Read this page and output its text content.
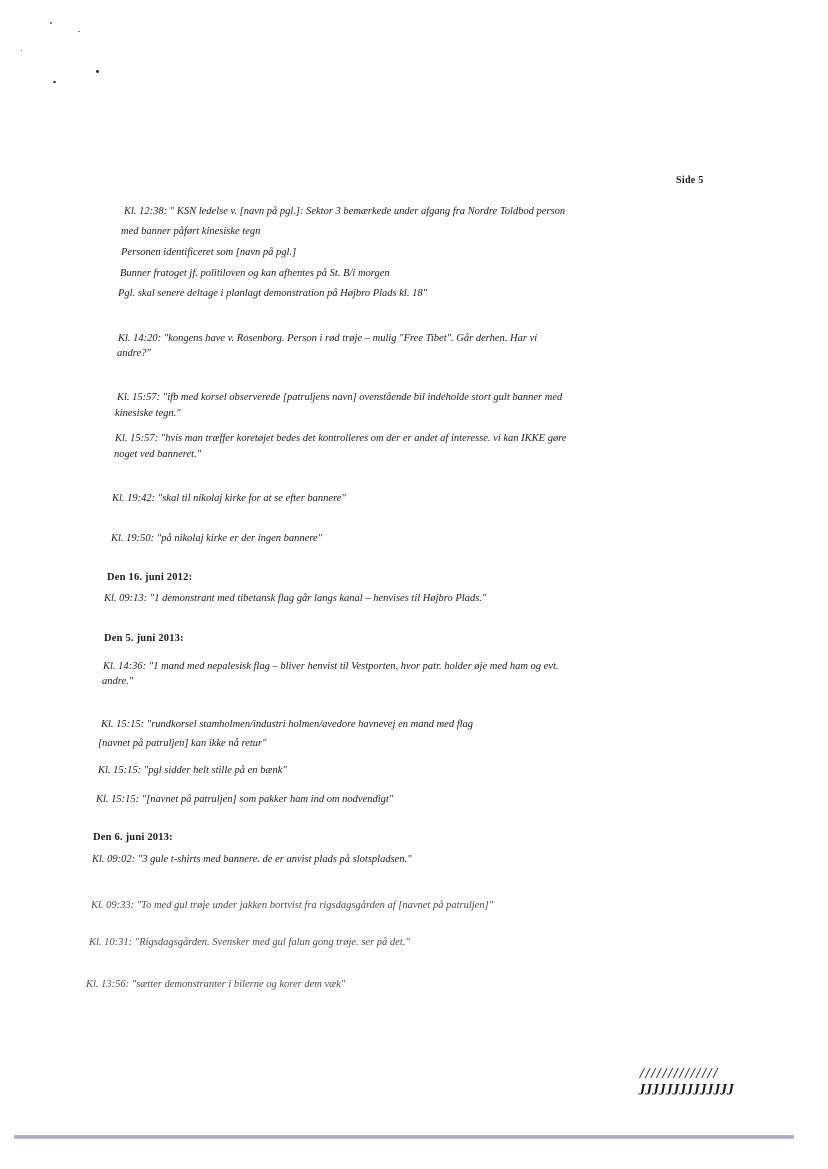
Side 5
Kl. 12:38: " KSN ledelse v. [navn på pgl.]: Sektor 3 bemærkede under afgang fra Nordre Toldbod person
med banner påført kinesiske tegn
Personen identificeret som [navn på pgl.]
Bunner fratoget jf. politiloven og kan afhentes på St. B/i morgen
Pgl. skal senere deltage i planlagt demonstration på Højbro Plads kl. 18"
Kl. 14:20: "kongens have v. Rosenborg. Person i rød trøje – mulig "Free Tibet". Går derhen. Har vi
andre?"
Kl. 15:57: "ifb med korsel observerede [patruljens navn] ovenstående bil indeholde stort gult banner med
kinesiske tegn."
Kl. 15:57: "hvis man træffer koretøjet bedes det kontrolleres om der er andet af interesse. vi kan IKKE gøre
noget ved banneret."
Kl. 19:42: "skal til nikolaj kirke for at se efter bannere"
Kl. 19:50: "på nikolaj kirke er der ingen bannere"
Den 16. juni 2012:
Kl. 09:13: "1 demonstrant med tibetansk flag går langs kanal – henvises til Højbro Plads."
Den 5. juni 2013:
Kl. 14:36: "1 mand med nepalesisk flag – bliver henvist til Vestporten, hvor patr. holder øje med ham og evt.
andre."
Kl. 15:15: "rundkorsel stamholmen/industri holmen/avedore havnevej en mand med flag
[navnet på patruljen] kan ikke nå retur"
Kl. 15:15: "pgl sidder helt stille på en bænk"
Kl. 15:15: "[navnet på patruljen] som pakker ham ind om nodvendigt"
Den 6. juni 2013:
Kl. 09:02: "3 gule t-shirts med bannere. de er anvist plads på slotspladsen."
Kl. 09:33: "To med gul trøje under jakken bortvist fra rigsdagsgården af [navnet på patruljen]"
Kl. 10:31: "Rigsdagsgården. Svensker med gul falun gong trøje. ser på det."
Kl. 13:56: "sætter demonstranter i bilerne og korer dem væk"
//////////////
JJJJJJJJJJJJJJ
